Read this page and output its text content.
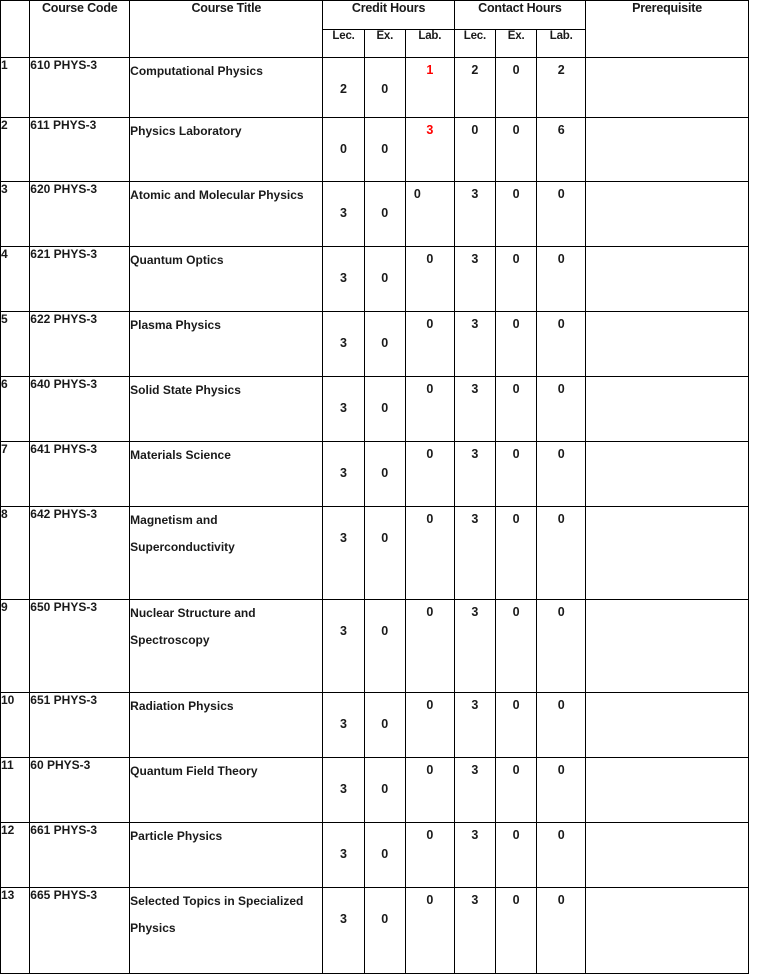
	Course Code	Course Title	Credit Hours			Contact Hours			Prerequisite
			Lec.	Ex.	Lab.	Lec.	Ex.	Lab.	
1	610 PHYS-3	Computational Physics	2	0	1	2	0	2	
2	611 PHYS-3	Physics Laboratory	0	0	3	0	0	6	
3	620 PHYS-3	Atomic and Molecular Physics	3	0	0	3	0	0	
4	621 PHYS-3	Quantum Optics	3	0	0	3	0	0	
5	622 PHYS-3	Plasma Physics	3	0	0	3	0	0	
6	640 PHYS-3	Solid State Physics	3	0	0	3	0	0	
7	641 PHYS-3	Materials Science	3	0	0	3	0	0	
8	642 PHYS-3	Magnetism and
Superconductivity	3	0	0	3	0	0	
9	650 PHYS-3	Nuclear Structure and
Spectroscopy	3	0	0	3	0	0	
10	651 PHYS-3	Radiation Physics	3	0	0	3	0	0	
11	60 PHYS-3	Quantum Field Theory	3	0	0	3	0	0	
12	661 PHYS-3	Particle Physics	3	0	0	3	0	0	
13	665 PHYS-3	Selected Topics in Specialized
Physics	3	0	0	3	0	0	
